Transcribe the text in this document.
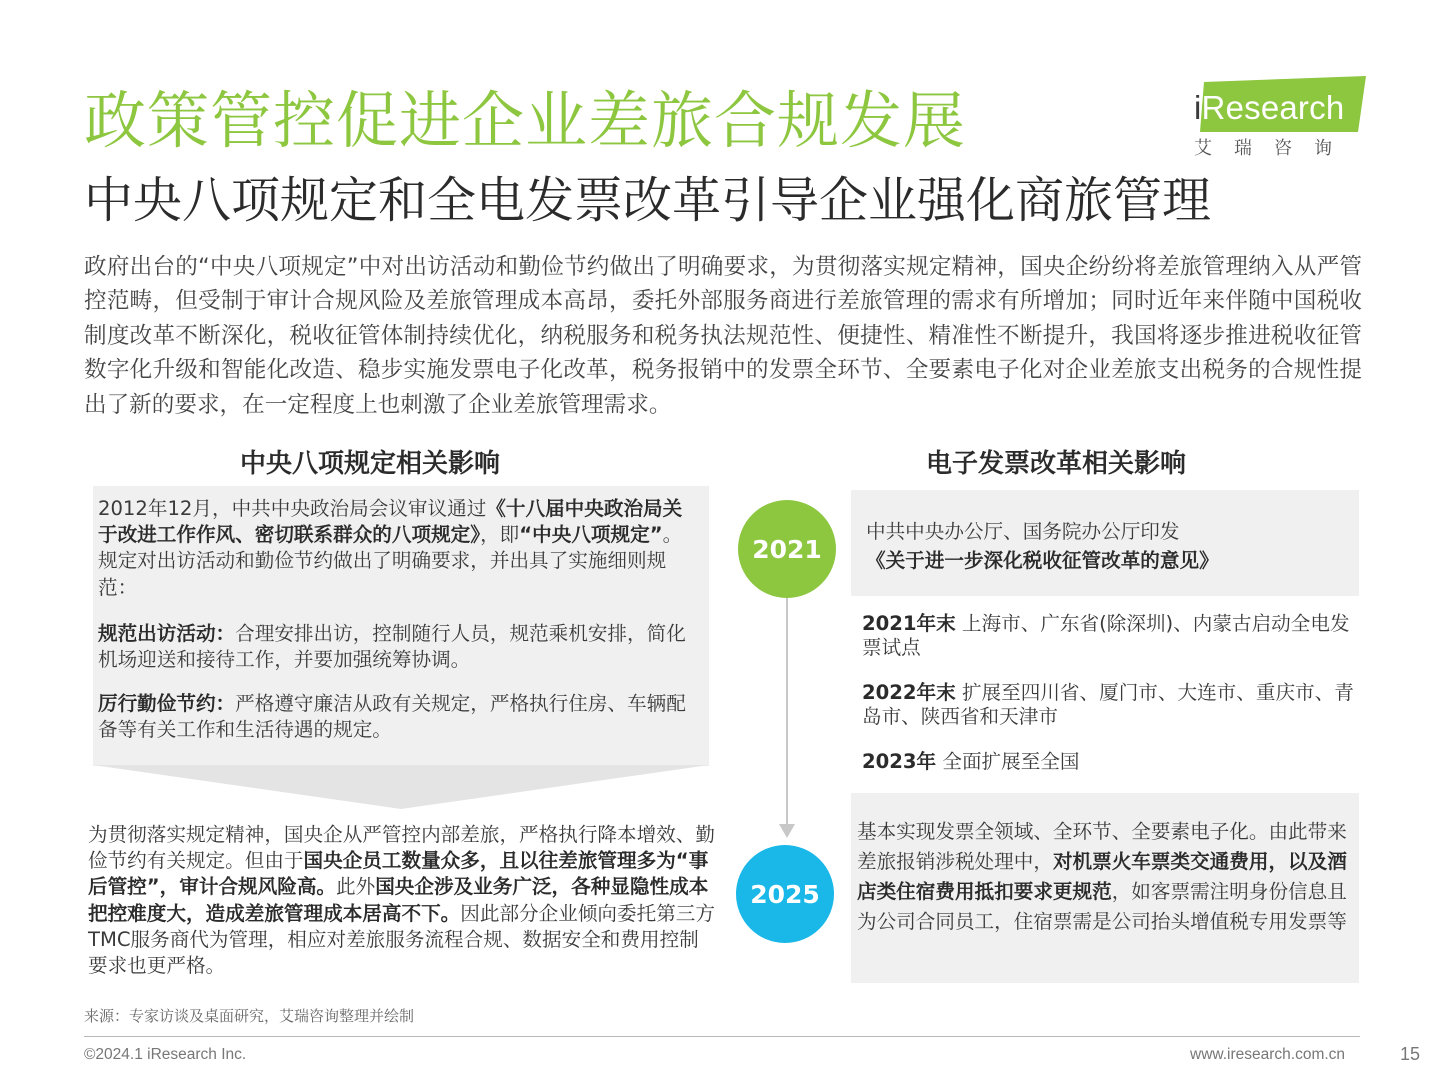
政策管控促进企业差旅合规发展
中央八项规定和全电发票改革引导企业强化商旅管理
iResearch
艾瑞咨询
政府出台的“中央八项规定”中对出访活动和勤俭节约做出了明确要求，为贯彻落实规定精神，国央企纷纷将差旅管理纳入从严管控范畴，但受制于审计合规风险及差旅管理成本高昂，委托外部服务商进行差旅管理的需求有所增加；同时近年来伴随中国税收制度改革不断深化，税收征管体制持续优化，纳税服务和税务执法规范性、便捷性、精准性不断提升，我国将逐步推进税收征管数字化升级和智能化改造、稳步实施发票电子化改革，税务报销中的发票全环节、全要素电子化对企业差旅支出税务的合规性提出了新的要求，在一定程度上也刺激了企业差旅管理需求。
中央八项规定相关影响

2012年12月，中共中央政治局会议审议通过《十八届中央政治局关于改进工作作风、密切联系群众的八项规定》，即“中央八项规定”。规定对出访活动和勤俭节约做出了明确要求，并出具了实施细则规范：

规范出访活动：合理安排出访，控制随行人员，规范乘机安排，简化机场迎送和接待工作，并要加强统筹协调。

厉行勤俭节约：严格遵守廉洁从政有关规定，严格执行住房、车辆配备等有关工作和生活待遇的规定。

为贯彻落实规定精神，国央企从严管控内部差旅，严格执行降本增效、勤俭节约有关规定。但由于国央企员工数量众多，且以往差旅管理多为“事后管控”，审计合规风险高。此外国央企涉及业务广泛，各种显隐性成本把控难度大，造成差旅管理成本居高不下。因此部分企业倾向委托第三方TMC服务商代为管理，相应对差旅服务流程合规、数据安全和费用控制要求也更严格。
电子发票改革相关影响
2021
2025
中共中央办公厅、国务院办公厅印发
《关于进一步深化税收征管改革的意见》
2021年末 上海市、广东省(除深圳)、内蒙古启动全电发票试点
2022年末 扩展至四川省、厦门市、大连市、重庆市、青岛市、陕西省和天津市
2023年 全面扩展至全国
基本实现发票全领域、全环节、全要素电子化。由此带来差旅报销涉税处理中，对机票火车票类交通费用，以及酒店类住宿费用抵扣要求更规范，如客票需注明身份信息且为公司合同员工，住宿票需是公司抬头增值税专用发票等
来源：专家访谈及桌面研究，艾瑞咨询整理并绘制
©2024.1 iResearch Inc.	www.iresearch.com.cn	15
